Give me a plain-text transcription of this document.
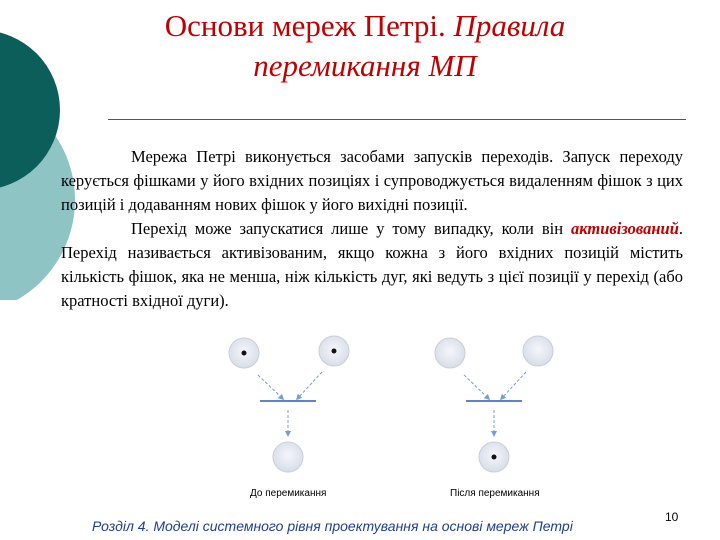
Основи мереж Петрі. Правила перемикання МП

Мережа Петрі виконується засобами запусків переходів. Запуск переходу керується фішками у його вхідних позиціях і супроводжується видаленням фішок з цих позицій і додаванням нових фішок у його вихідні позиції.

Перехід може запускатися лише у тому випадку, коли він активізований. Перехід називається активізованим, якщо кожна з його вхідних позицій містить кількість фішок, яка не менша, ніж кількість дуг, які ведуть з цієї позиції у перехід (або кратності вхідної дуги).

До перемикання	Після перемикання
Розділ 4. Моделі системного рівня проектування на основі мереж Петрі
10
